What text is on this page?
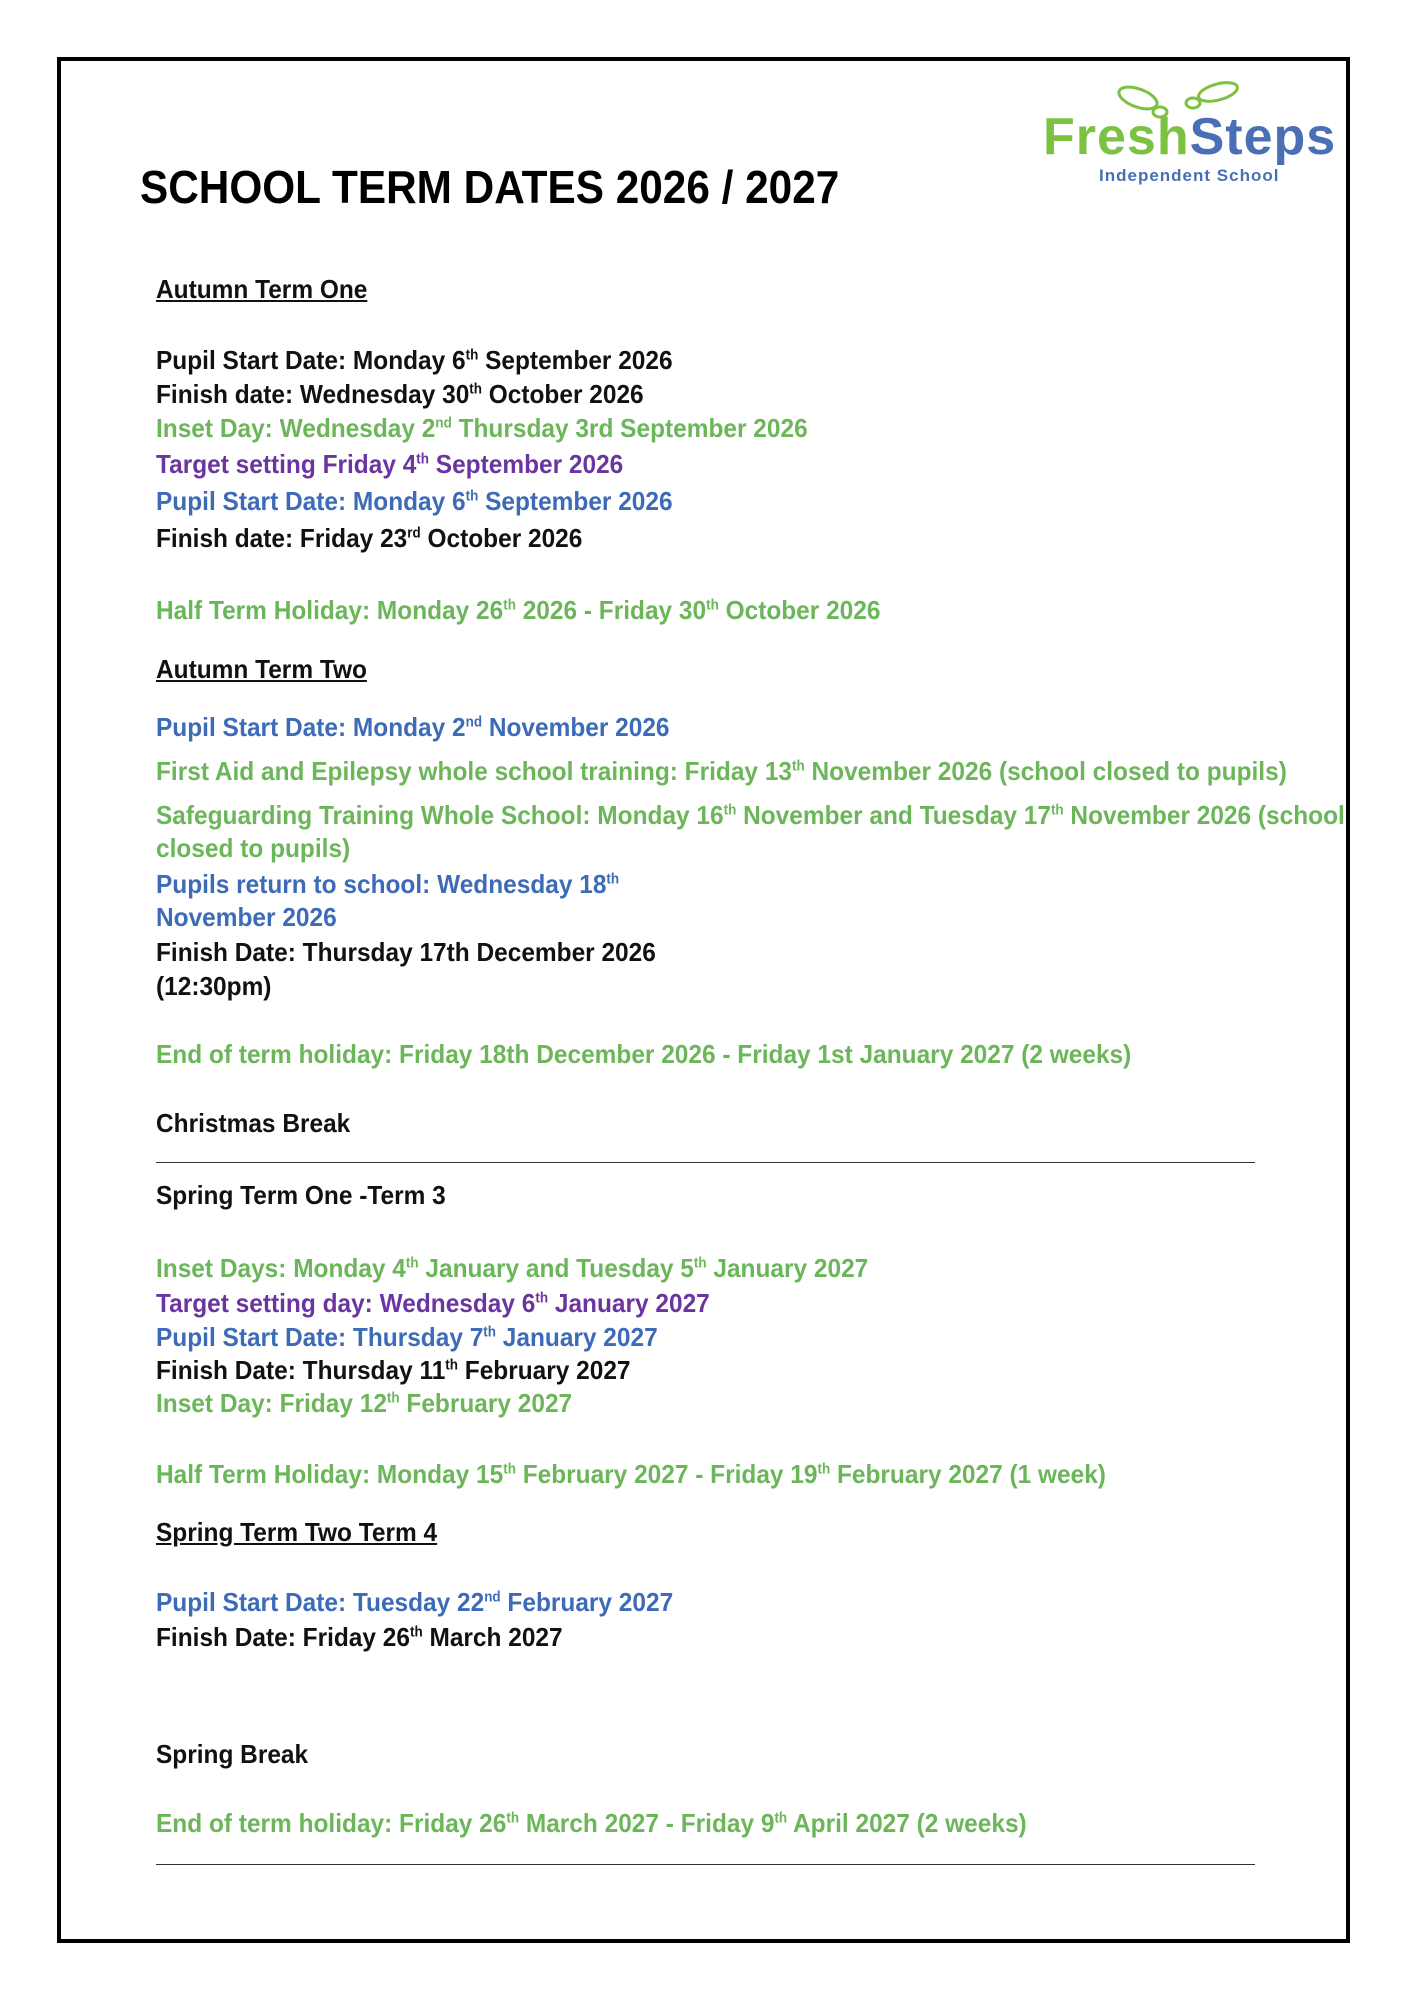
FreshSteps
Independent School
SCHOOL TERM DATES 2026 / 2027
Autumn Term One
Pupil Start Date: Monday 6th September 2026
Finish date: Wednesday 30th October 2026
Inset Day: Wednesday 2nd Thursday 3rd September 2026
Target setting Friday 4th September 2026
Pupil Start Date: Monday 6th September 2026
Finish date: Friday 23rd October 2026
Half Term Holiday: Monday 26th 2026 - Friday 30th October 2026
Autumn Term Two
Pupil Start Date: Monday 2nd November 2026
First Aid and Epilepsy whole school training: Friday 13th November 2026 (school closed to pupils)
Safeguarding Training Whole School: Monday 16th November and Tuesday 17th November 2026 (school
closed to pupils)
Pupils return to school: Wednesday 18th
November 2026
Finish Date: Thursday 17th December 2026
(12:30pm)
End of term holiday: Friday 18th December 2026 - Friday 1st January 2027 (2 weeks)
Christmas Break
Spring Term One -Term 3
Inset Days: Monday 4th January and Tuesday 5th January 2027
Target setting day: Wednesday 6th January 2027
Pupil Start Date: Thursday 7th January 2027
Finish Date: Thursday 11th February 2027
Inset Day: Friday 12th February 2027
Half Term Holiday: Monday 15th February 2027 - Friday 19th February 2027 (1 week)
Spring Term Two Term 4
Pupil Start Date: Tuesday 22nd February 2027
Finish Date: Friday 26th March 2027
Spring Break
End of term holiday: Friday 26th March 2027 - Friday 9th April 2027 (2 weeks)
